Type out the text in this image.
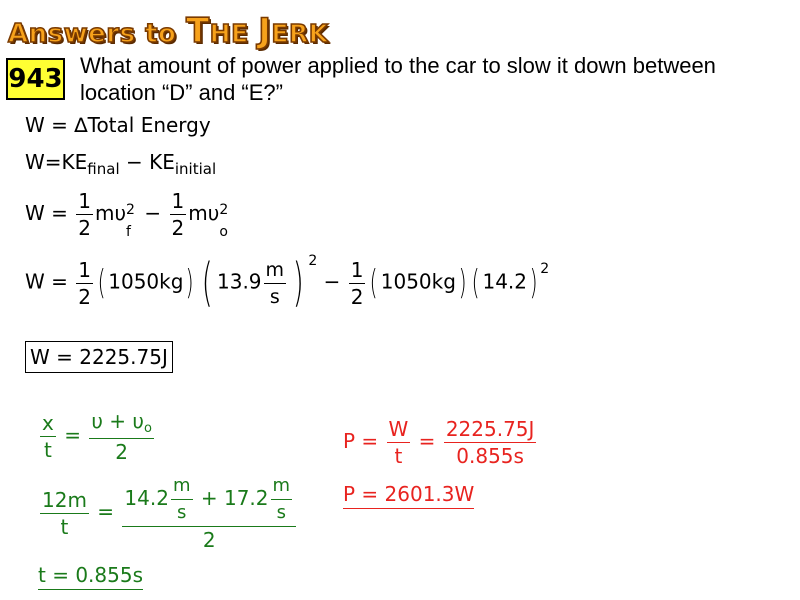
Answers to THE JERK
943 What amount of power applied to the car to slow it down between location “D” and “E?”
W = ∆Total Energy
$W=KE_{final} - KE_{initial}$
$W = \frac{1}{2}$ mυ 2
f
− $\frac{1}{2}$ mυ 2
o
$W = \frac{1}{2}$ ( 1050kg) ( $13.9 \frac{m}{s}$ ) $^2 - \frac{1}{2}$ ( 1050kg) ( 14.2) $^2$
W = 2225.75J
$\frac{x}{t} = \frac{\upsilon + \upsilon_o}{2}$
$\frac{12m}{t} = \frac{14.2 \frac{m}{s} + 17.2 \frac{m}{s}}{2}$
t = 0.855s
$P = \frac{W}{t} = \frac{2225.75J}{0.855s}$
P = 2601.3W
